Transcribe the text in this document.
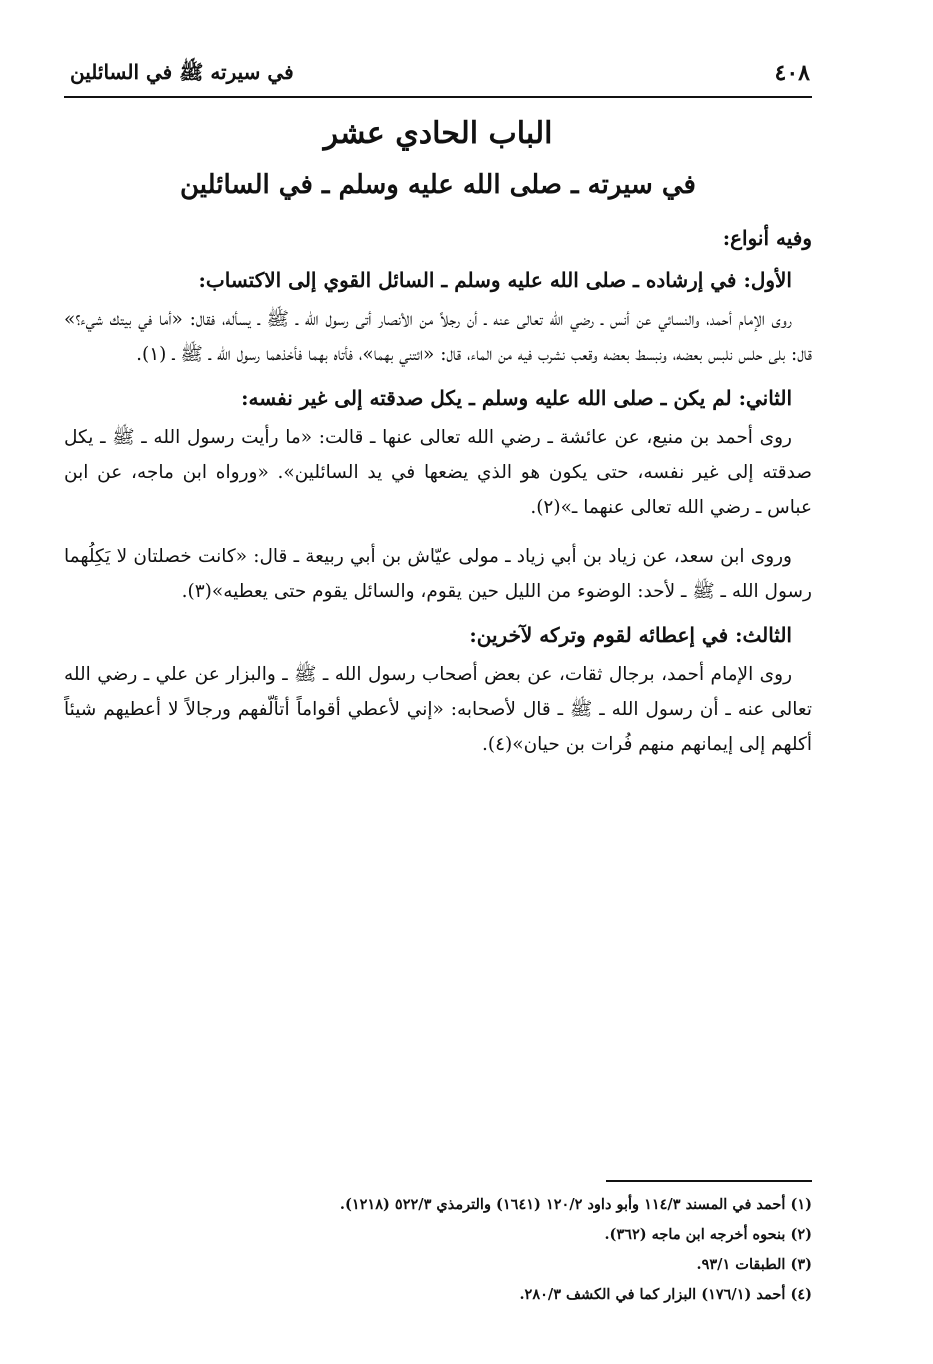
٤٠٨
في سيرته ﷺ في السائلين
الباب الحادي عشر
في سيرته ـ صلى الله عليه وسلم ـ في السائلين

وفيه أنواع:

الأول: في إرشاده ـ صلى الله عليه وسلم ـ السائل القوي إلى الاكتساب:

روى الإمام أحمد، والنسائي عن أنس ـ رضي الله تعالى عنه ـ أن رجلاً من الأنصار أتى رسول الله ـ ﷺ ـ يسأله، فقال: «أما في بيتك شيء؟» قال: بلى حلس نلبس بعضه، ونبسط بعضه وقعب نشرب فيه من الماء، قال: «ائتني بهما»، فأتاه بهما فأخذهما رسول الله ـ ﷺ ـ (١).

الثاني: لم يكن ـ صلى الله عليه وسلم ـ يكل صدقته إلى غير نفسه:

روى أحمد بن منيع، عن عائشة ـ رضي الله تعالى عنها ـ قالت: «ما رأيت رسول الله ـ ﷺ ـ يكل صدقته إلى غير نفسه، حتى يكون هو الذي يضعها في يد السائلين». «ورواه ابن ماجه، عن ابن عباس ـ رضي الله تعالى عنهما ـ»(٢).

وروى ابن سعد، عن زياد بن أبي زياد ـ مولى عيّاش بن أبي ربيعة ـ قال: «كانت خصلتان لا يَكِلُهما رسول الله ـ ﷺ ـ لأحد: الوضوء من الليل حين يقوم، والسائل يقوم حتى يعطيه»(٣).

الثالث: في إعطائه لقوم وتركه لآخرين:

روى الإمام أحمد، برجال ثقات، عن بعض أصحاب رسول الله ـ ﷺ ـ والبزار عن علي ـ رضي الله تعالى عنه ـ أن رسول الله ـ ﷺ ـ قال لأصحابه: «إني لأعطي أقواماً أتألّفهم ورجالاً لا أعطيهم شيئاً أكلهم إلى إيمانهم منهم فُرات بن حيان»(٤).

(١) أحمد في المسند ١١٤/٣ وأبو داود ١٢٠/٢ (١٦٤١) والترمذي ٥٢٢/٣ (١٢١٨).

(٢) بنحوه أخرجه ابن ماجه (٣٦٢).

(٣) الطبقات ٩٣/١.

(٤) أحمد (١٧٦/١) البزار كما في الكشف ٢٨٠/٣.
